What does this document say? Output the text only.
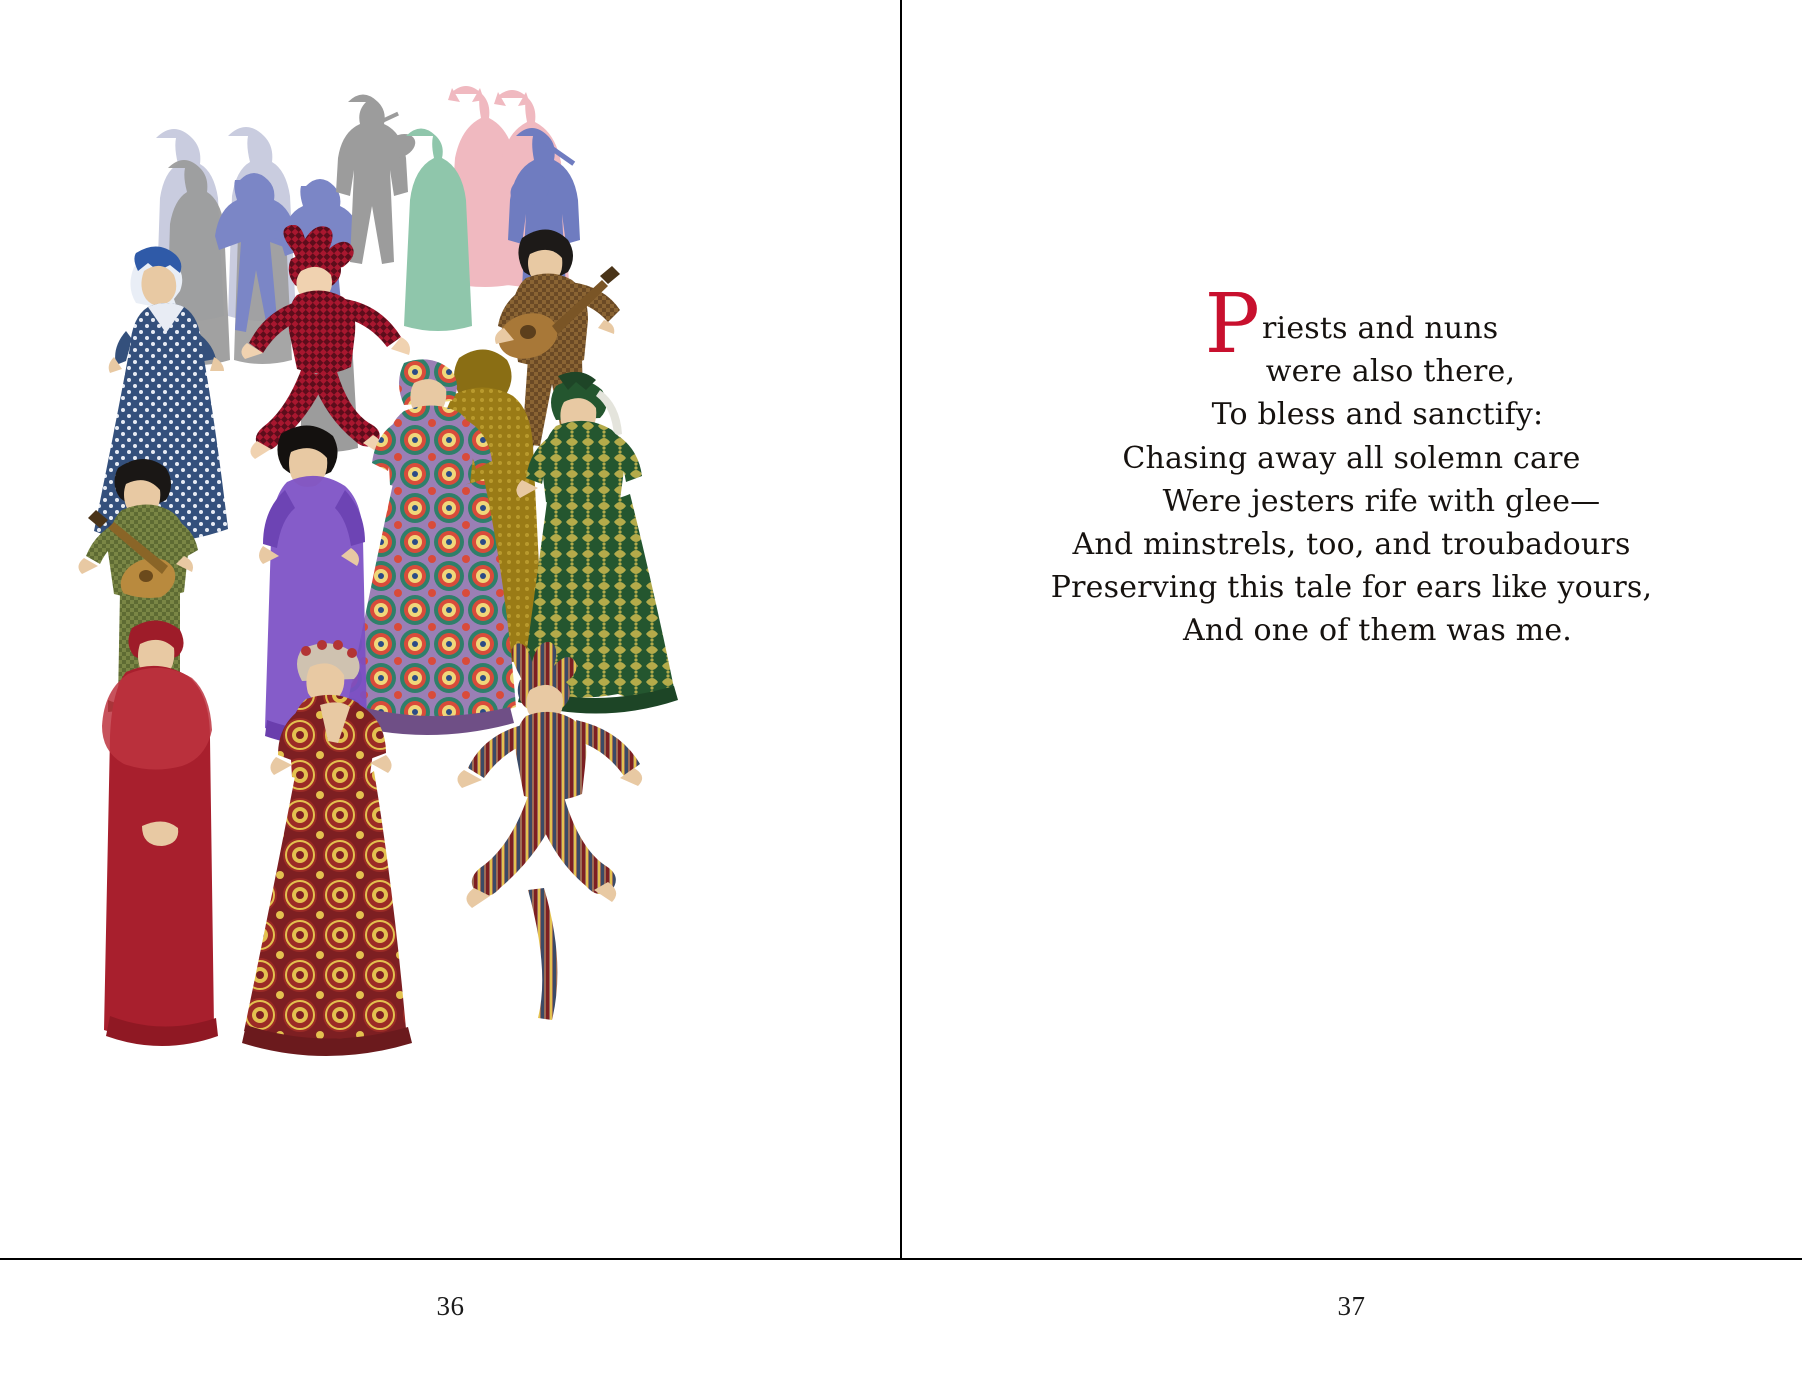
36
Priests and nuns
were also there,
To bless and sanctify:
Chasing away all solemn care
Were jesters rife with glee—
And minstrels, too, and troubadours
Preserving this tale for ears like yours,
And one of them was me.
37
